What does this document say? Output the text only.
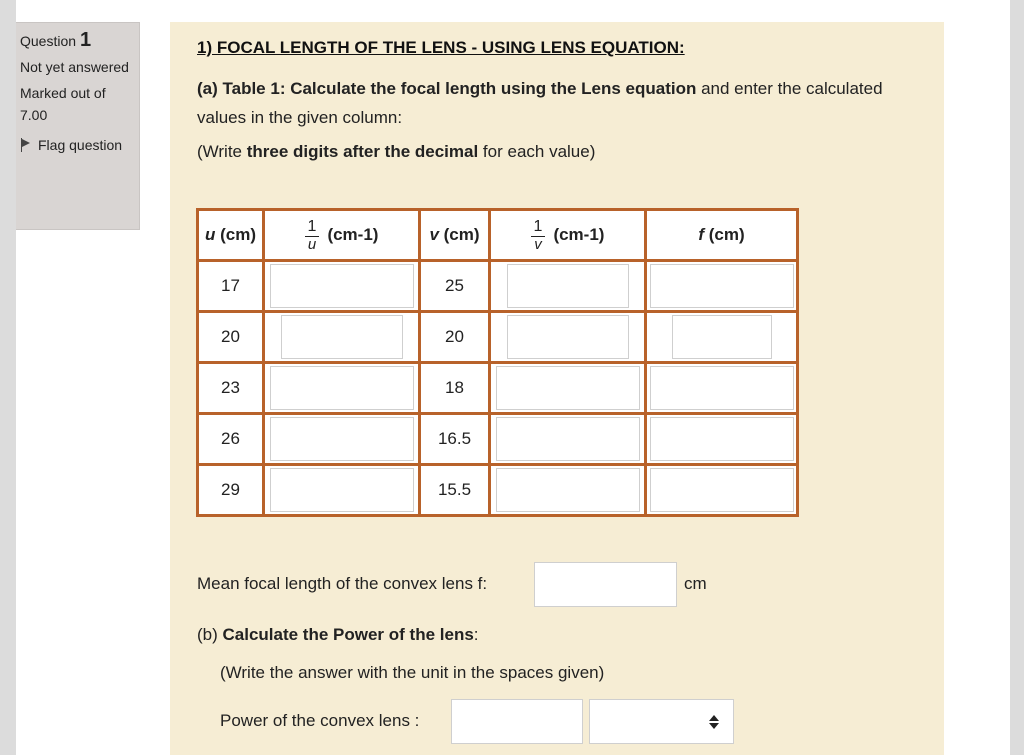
Question 1
Not yet answered
Marked out of
7.00
Flag question
1) FOCAL LENGTH OF THE LENS - USING LENS EQUATION:
(a) Table 1: Calculate the focal length using the Lens equation and enter the calculated values in the given column:
(Write three digits after the decimal for each value)
u (cm)	$\frac{1}{u} (cm-1)$	v (cm)	$\frac{1}{v} (cm-1)$	f (cm)
17		25		
20		20		
23		18		
26		16.5		
29		15.5		
Mean focal length of the convex lens f:	cm
(b) Calculate the Power of the lens:
(Write the answer with the unit in the spaces given)
Power of the convex lens :
